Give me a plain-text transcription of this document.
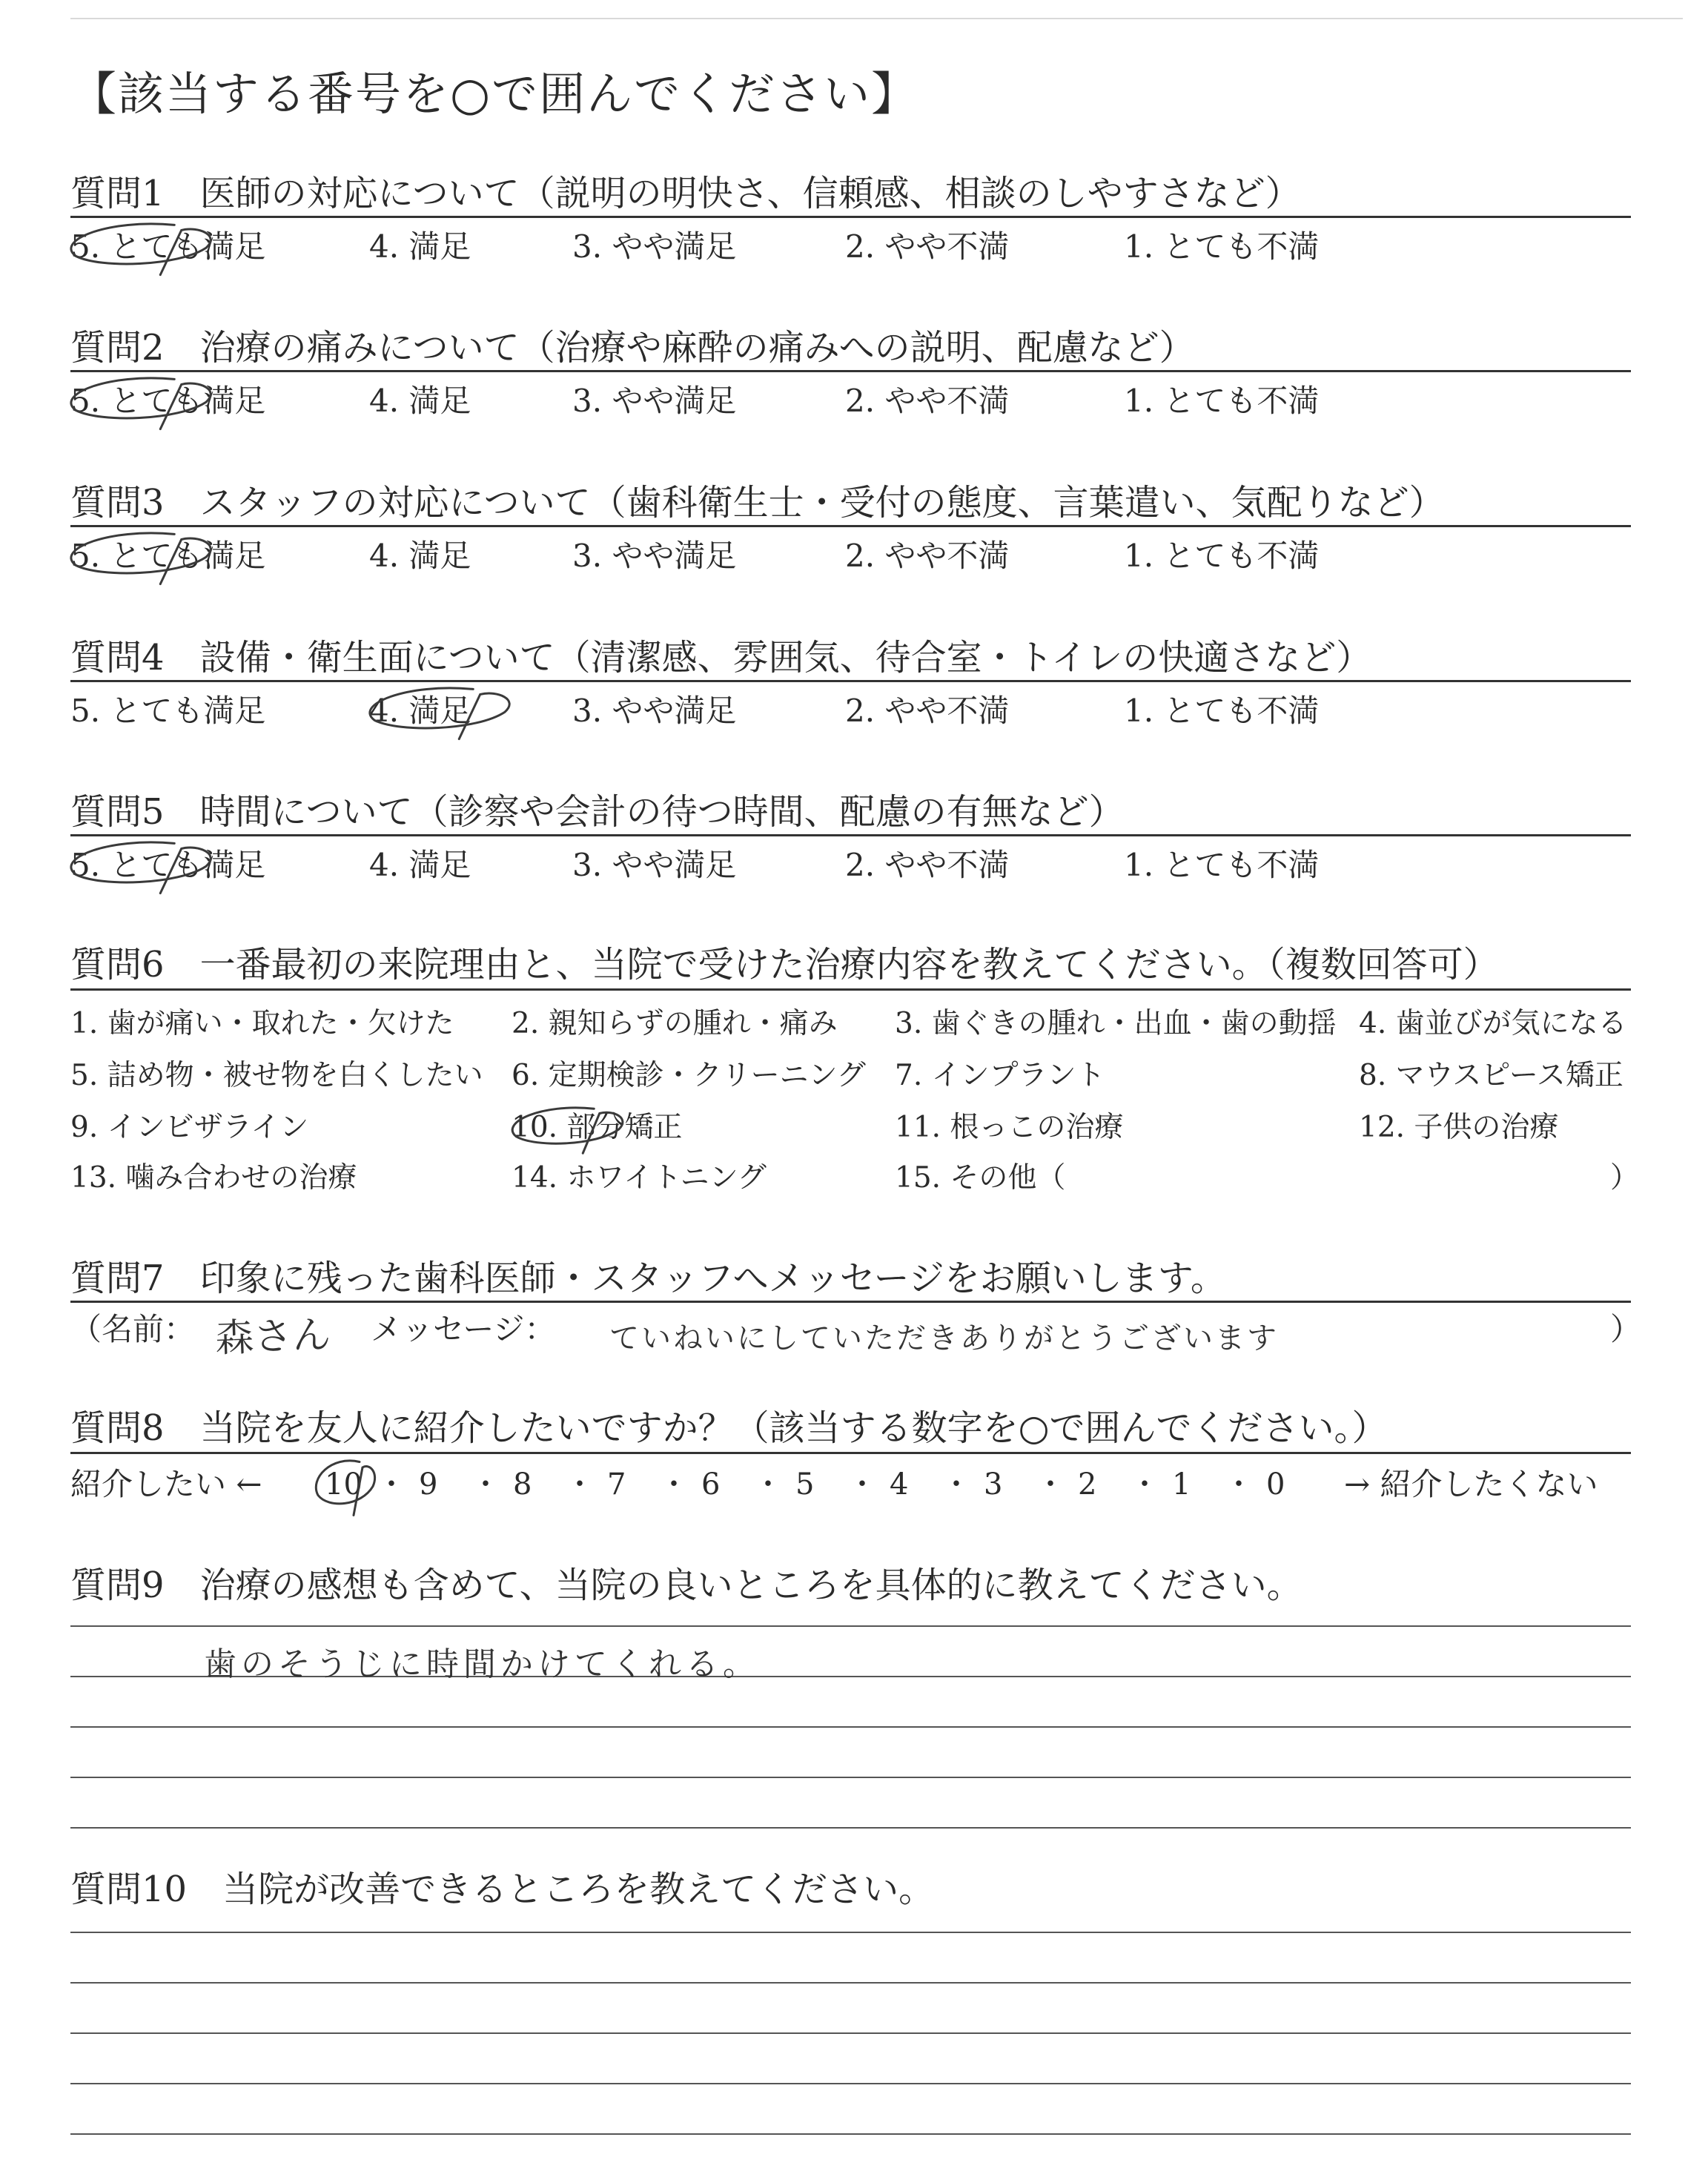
【該当する番号を○で囲んでください】
質問1　 医師の対応について（説明の明快さ、信頼感、相談のしやすさなど）
質問2　 治療の痛みについて（治療や麻酔の痛みへの説明、配慮など）
質問3　 スタッフの対応について（歯科衛生士・受付の態度、言葉遣い、気配りなど）
質問4　 設備・衛生面について（清潔感、雰囲気、待合室・トイレの快適さなど）
質問5　 時間について（診察や会計の待つ時間、配慮の有無など）
5. とても満足	4. 満足	3. やや満足	2. やや不満	1. とても不満
5. とても満足	4. 満足	3. やや満足	2. やや不満	1. とても不満
5. とても満足	4. 満足	3. やや満足	2. やや不満	1. とても不満
5. とても満足	4. 満足	3. やや満足	2. やや不満	1. とても不満
5. とても満足	4. 満足	3. やや満足	2. やや不満	1. とても不満
質問6　 一番最初の来院理由と、当院で受けた治療内容を教えてください。（複数回答可）
1. 歯が痛い・取れた・欠けた 2. 親知らずの腫れ・痛み 3. 歯ぐきの腫れ・出血・歯の動揺 4. 歯並びが気になる
5. 詰め物・被せ物を白くしたい 6. 定期検診・クリーニング 7. インプラント	8. マウスピース矯正
9. インビザライン	10. 部分矯正	11. 根っこの治療	12. 子供の治療
13. 噛み合わせの治療	14. ホワイトニング	15. その他（	）
質問7　 印象に残った歯科医師・スタッフへメッセージをお願いします。
（名前：	メッセージ：	）
森さん	ていねいにしていただきありがとうございます
質問8　 当院を友人に紹介したいですか？（該当する数字を○で囲んでください。）
紹介したい ←	→ 紹介したくない
10 ・ 9 ・ 8 ・ 7 ・ 6 ・ 5 ・ 4 ・ 3 ・ 2 ・ 1 ・ 0
質問9　 治療の感想も含めて、当院の良いところを具体的に教えてください。
歯のそうじに時間かけてくれる。
質問10　 当院が改善できるところを教えてください。
